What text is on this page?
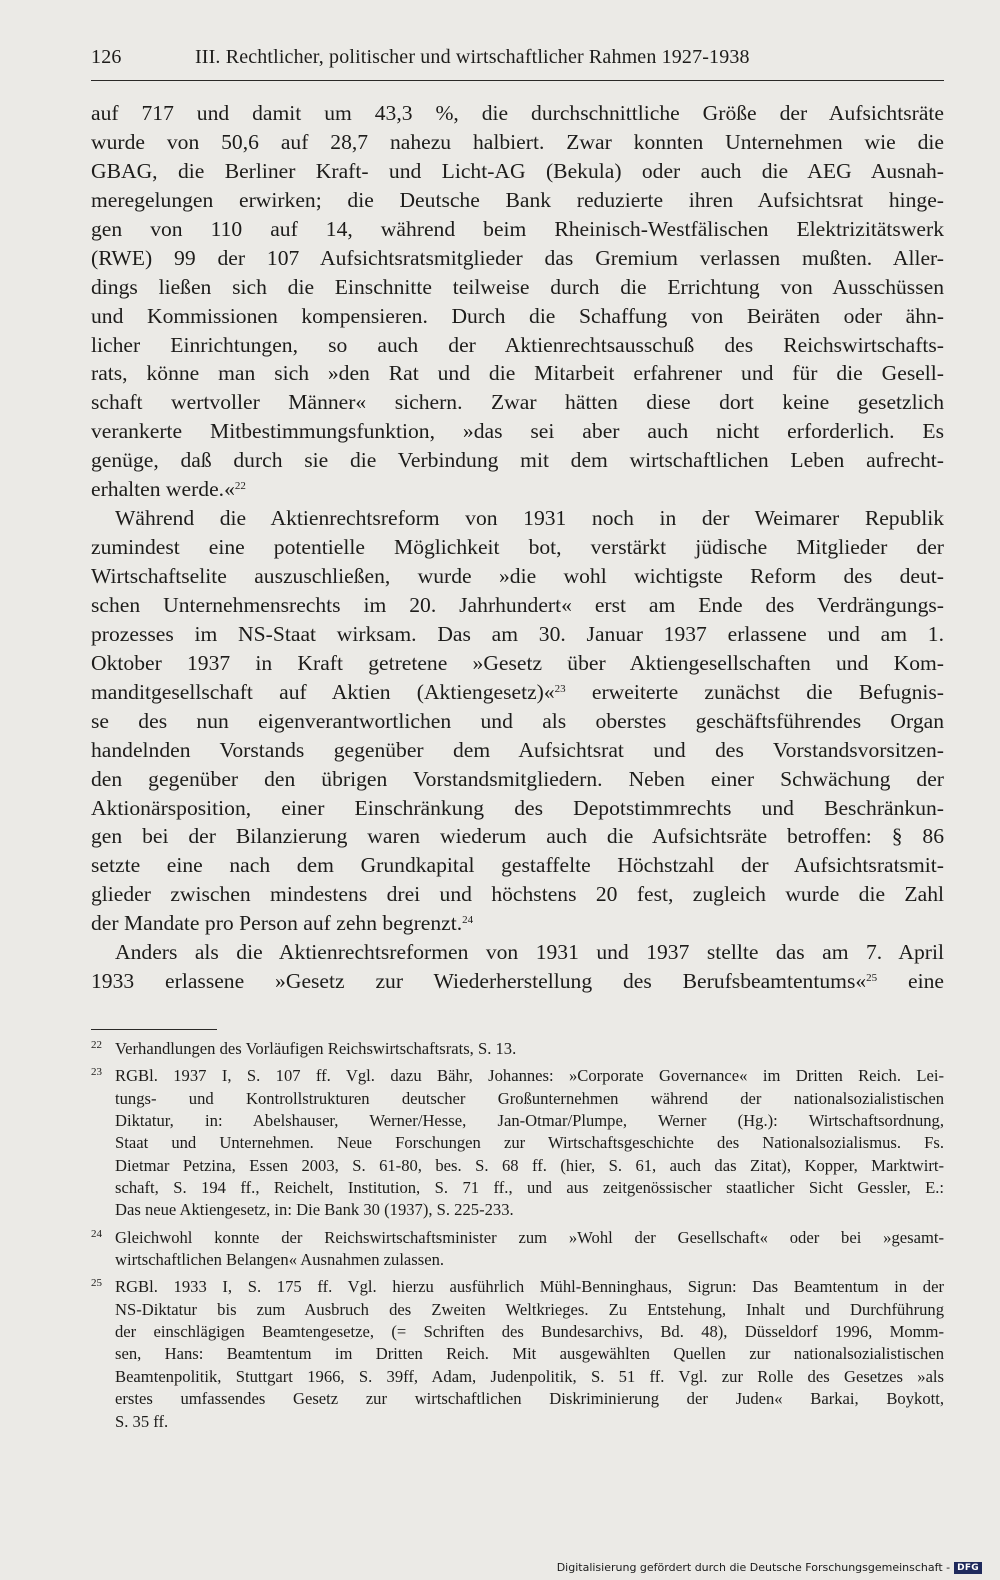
126	III. Rechtlicher, politischer und wirtschaftlicher Rahmen 1927-1938
auf 717 und damit um 43,3 %, die durchschnittliche Größe der Aufsichtsräte
wurde von 50,6 auf 28,7 nahezu halbiert. Zwar konnten Unternehmen wie die
GBAG, die Berliner Kraft- und Licht-AG (Bekula) oder auch die AEG Ausnah-
meregelungen erwirken; die Deutsche Bank reduzierte ihren Aufsichtsrat hinge-
gen von 110 auf 14, während beim Rheinisch-Westfälischen Elektrizitätswerk
(RWE) 99 der 107 Aufsichtsratsmitglieder das Gremium verlassen mußten. Aller-
dings ließen sich die Einschnitte teilweise durch die Errichtung von Ausschüssen
und Kommissionen kompensieren. Durch die Schaffung von Beiräten oder ähn-
licher Einrichtungen, so auch der Aktienrechtsausschuß des Reichswirtschafts-
rats, könne man sich »den Rat und die Mitarbeit erfahrener und für die Gesell-
schaft wertvoller Männer« sichern. Zwar hätten diese dort keine gesetzlich
verankerte Mitbestimmungsfunktion, »das sei aber auch nicht erforderlich. Es
genüge, daß durch sie die Verbindung mit dem wirtschaftlichen Leben aufrecht-
erhalten werde.«$^{22}$
Während die Aktienrechtsreform von 1931 noch in der Weimarer Republik
zumindest eine potentielle Möglichkeit bot, verstärkt jüdische Mitglieder der
Wirtschaftselite auszuschließen, wurde »die wohl wichtigste Reform des deut-
schen Unternehmensrechts im 20. Jahrhundert« erst am Ende des Verdrängungs-
prozesses im NS-Staat wirksam. Das am 30. Januar 1937 erlassene und am 1.
Oktober 1937 in Kraft getretene »Gesetz über Aktiengesellschaften und Kom-
manditgesellschaft auf Aktien (Aktiengesetz)«$^{23}$ erweiterte zunächst die Befugnis-
se des nun eigenverantwortlichen und als oberstes geschäftsführendes Organ
handelnden Vorstands gegenüber dem Aufsichtsrat und des Vorstandsvorsitzen-
den gegenüber den übrigen Vorstandsmitgliedern. Neben einer Schwächung der
Aktionärsposition, einer Einschränkung des Depotstimmrechts und Beschränkun-
gen bei der Bilanzierung waren wiederum auch die Aufsichtsräte betroffen: § 86
setzte eine nach dem Grundkapital gestaffelte Höchstzahl der Aufsichtsratsmit-
glieder zwischen mindestens drei und höchstens 20 fest, zugleich wurde die Zahl
der Mandate pro Person auf zehn begrenzt.$^{24}$
Anders als die Aktienrechtsreformen von 1931 und 1937 stellte das am 7. April
1933 erlassene »Gesetz zur Wiederherstellung des Berufsbeamtentums«$^{25}$ eine
22 Verhandlungen des Vorläufigen Reichswirtschaftsrats, S. 13.
23 RGBl. 1937 I, S. 107 ff. Vgl. dazu Bähr, Johannes: »Corporate Governance« im Dritten Reich. Lei-
tungs- und Kontrollstrukturen deutscher Großunternehmen während der nationalsozialistischen
Diktatur, in: Abelshauser, Werner/Hesse, Jan-Otmar/Plumpe, Werner (Hg.): Wirtschaftsordnung,
Staat und Unternehmen. Neue Forschungen zur Wirtschaftsgeschichte des Nationalsozialismus. Fs.
Dietmar Petzina, Essen 2003, S. 61-80, bes. S. 68 ff. (hier, S. 61, auch das Zitat), Kopper, Marktwirt-
schaft, S. 194 ff., Reichelt, Institution, S. 71 ff., und aus zeitgenössischer staatlicher Sicht Gessler, E.:
Das neue Aktiengesetz, in: Die Bank 30 (1937), S. 225-233.
24 Gleichwohl konnte der Reichswirtschaftsminister zum »Wohl der Gesellschaft« oder bei »gesamt-
wirtschaftlichen Belangen« Ausnahmen zulassen.
25 RGBl. 1933 I, S. 175 ff. Vgl. hierzu ausführlich Mühl-Benninghaus, Sigrun: Das Beamtentum in der
NS-Diktatur bis zum Ausbruch des Zweiten Weltkrieges. Zu Entstehung, Inhalt und Durchführung
der einschlägigen Beamtengesetze, (= Schriften des Bundesarchivs, Bd. 48), Düsseldorf 1996, Momm-
sen, Hans: Beamtentum im Dritten Reich. Mit ausgewählten Quellen zur nationalsozialistischen
Beamtenpolitik, Stuttgart 1966, S. 39ff, Adam, Judenpolitik, S. 51 ff. Vgl. zur Rolle des Gesetzes »als
erstes umfassendes Gesetz zur wirtschaftlichen Diskriminierung der Juden« Barkai, Boykott,
S. 35 ff.
Digitalisierung gefördert durch die Deutsche Forschungsgemeinschaft - DFG
